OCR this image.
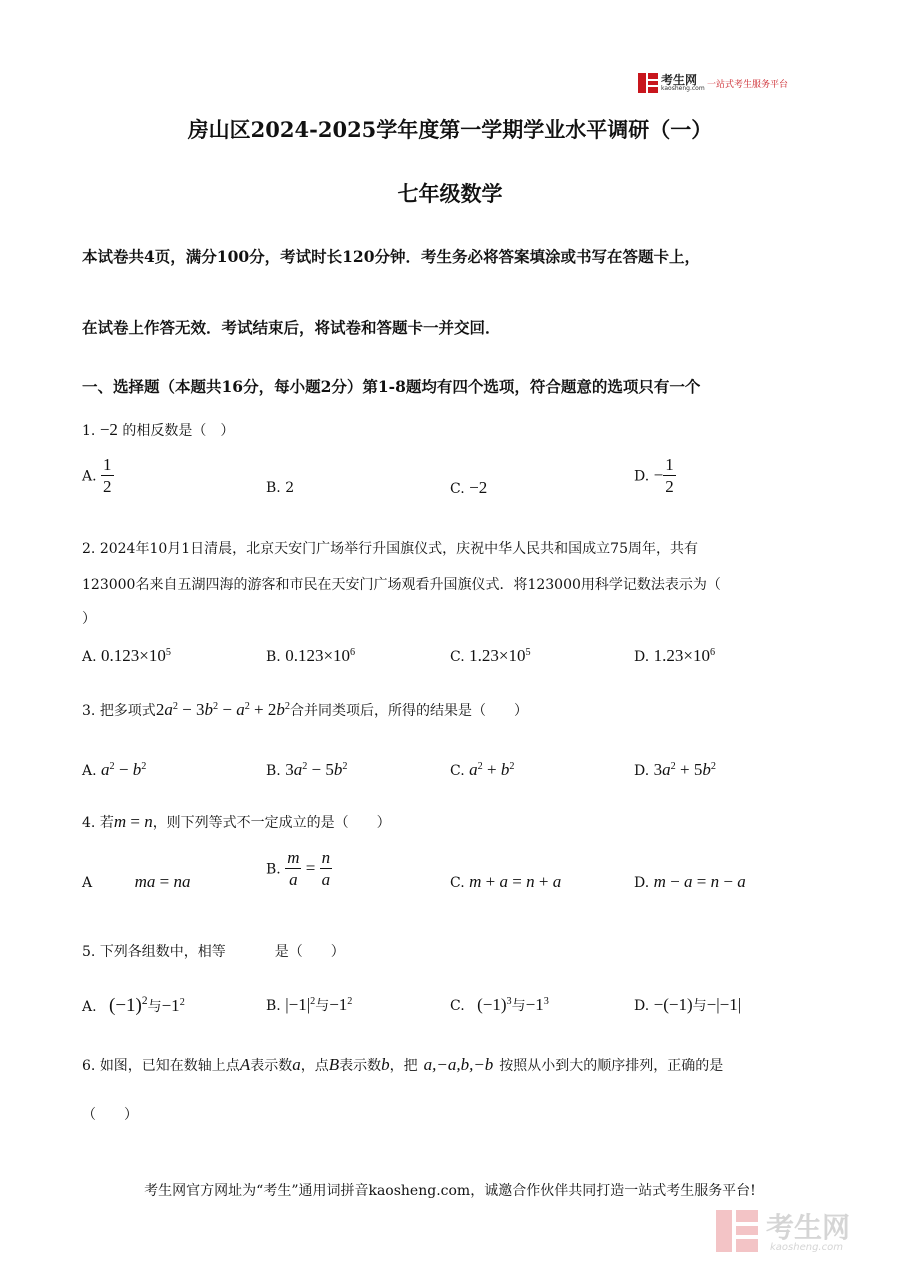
考生网
kaosheng.com 一站式考生服务平台
房山区2024-2025学年度第一学期学业水平调研（一）
七年级数学
本试卷共4页，满分100分，考试时长120分钟．考生务必将答案填涂或书写在答题卡上，
在试卷上作答无效．考试结束后，将试卷和答题卡一并交回．
一、选择题（本题共16分，每小题2分）第1-8题均有四个选项，符合题意的选项只有一个
1. −2 的相反数是（　）
A. $\frac{1}{2}$	B. 2	C. −2
D. − $\frac{1}{2}$
2. 2024年10月1日清晨，北京天安门广场举行升国旗仪式，庆祝中华人民共和国成立75周年，共有
123000名来自五湖四海的游客和市民在天安门广场观看升国旗仪式．将123000用科学记数法表示为（
）
A. $0.123\times 10^5$	B. $0.123\times 10^6$	C. $1.23\times 10^5$	D. $1.23\times 10^6$
3. 把多项式$2a^2 - 3b^2 - a^2 + 2b^2$合并同类项后，所得的结果是（　　）
A. $a^2 - b^2$	B. $3a^2 - 5b^2$	C. $a^2 + b^2$	D. $3a^2 + 5b^2$
4. 若m = n，则下列等式不一定成立的是（　　）
A ma = na
B. $\frac{m}{a} = \frac{n}{a}$	C. m + a = n + a	D. m − a = n − a
5. 下列各组数中，相等	是（　　）
A. $(-1)^2$与$-1^2$	B. $|-1|^2$与$-1^2$	C. $(-1)^3$与$-1^3$	D. −(−1)与−|−1|
6. 如图，已知在数轴上点A表示数a，点B表示数b，把 a,−a,b,−b 按照从小到大的顺序排列，正确的是
（　　）
考生网官方网址为“考生”通用词拼音kaosheng.com，诚邀合作伙伴共同打造一站式考生服务平台!
考生网
kaosheng.com
